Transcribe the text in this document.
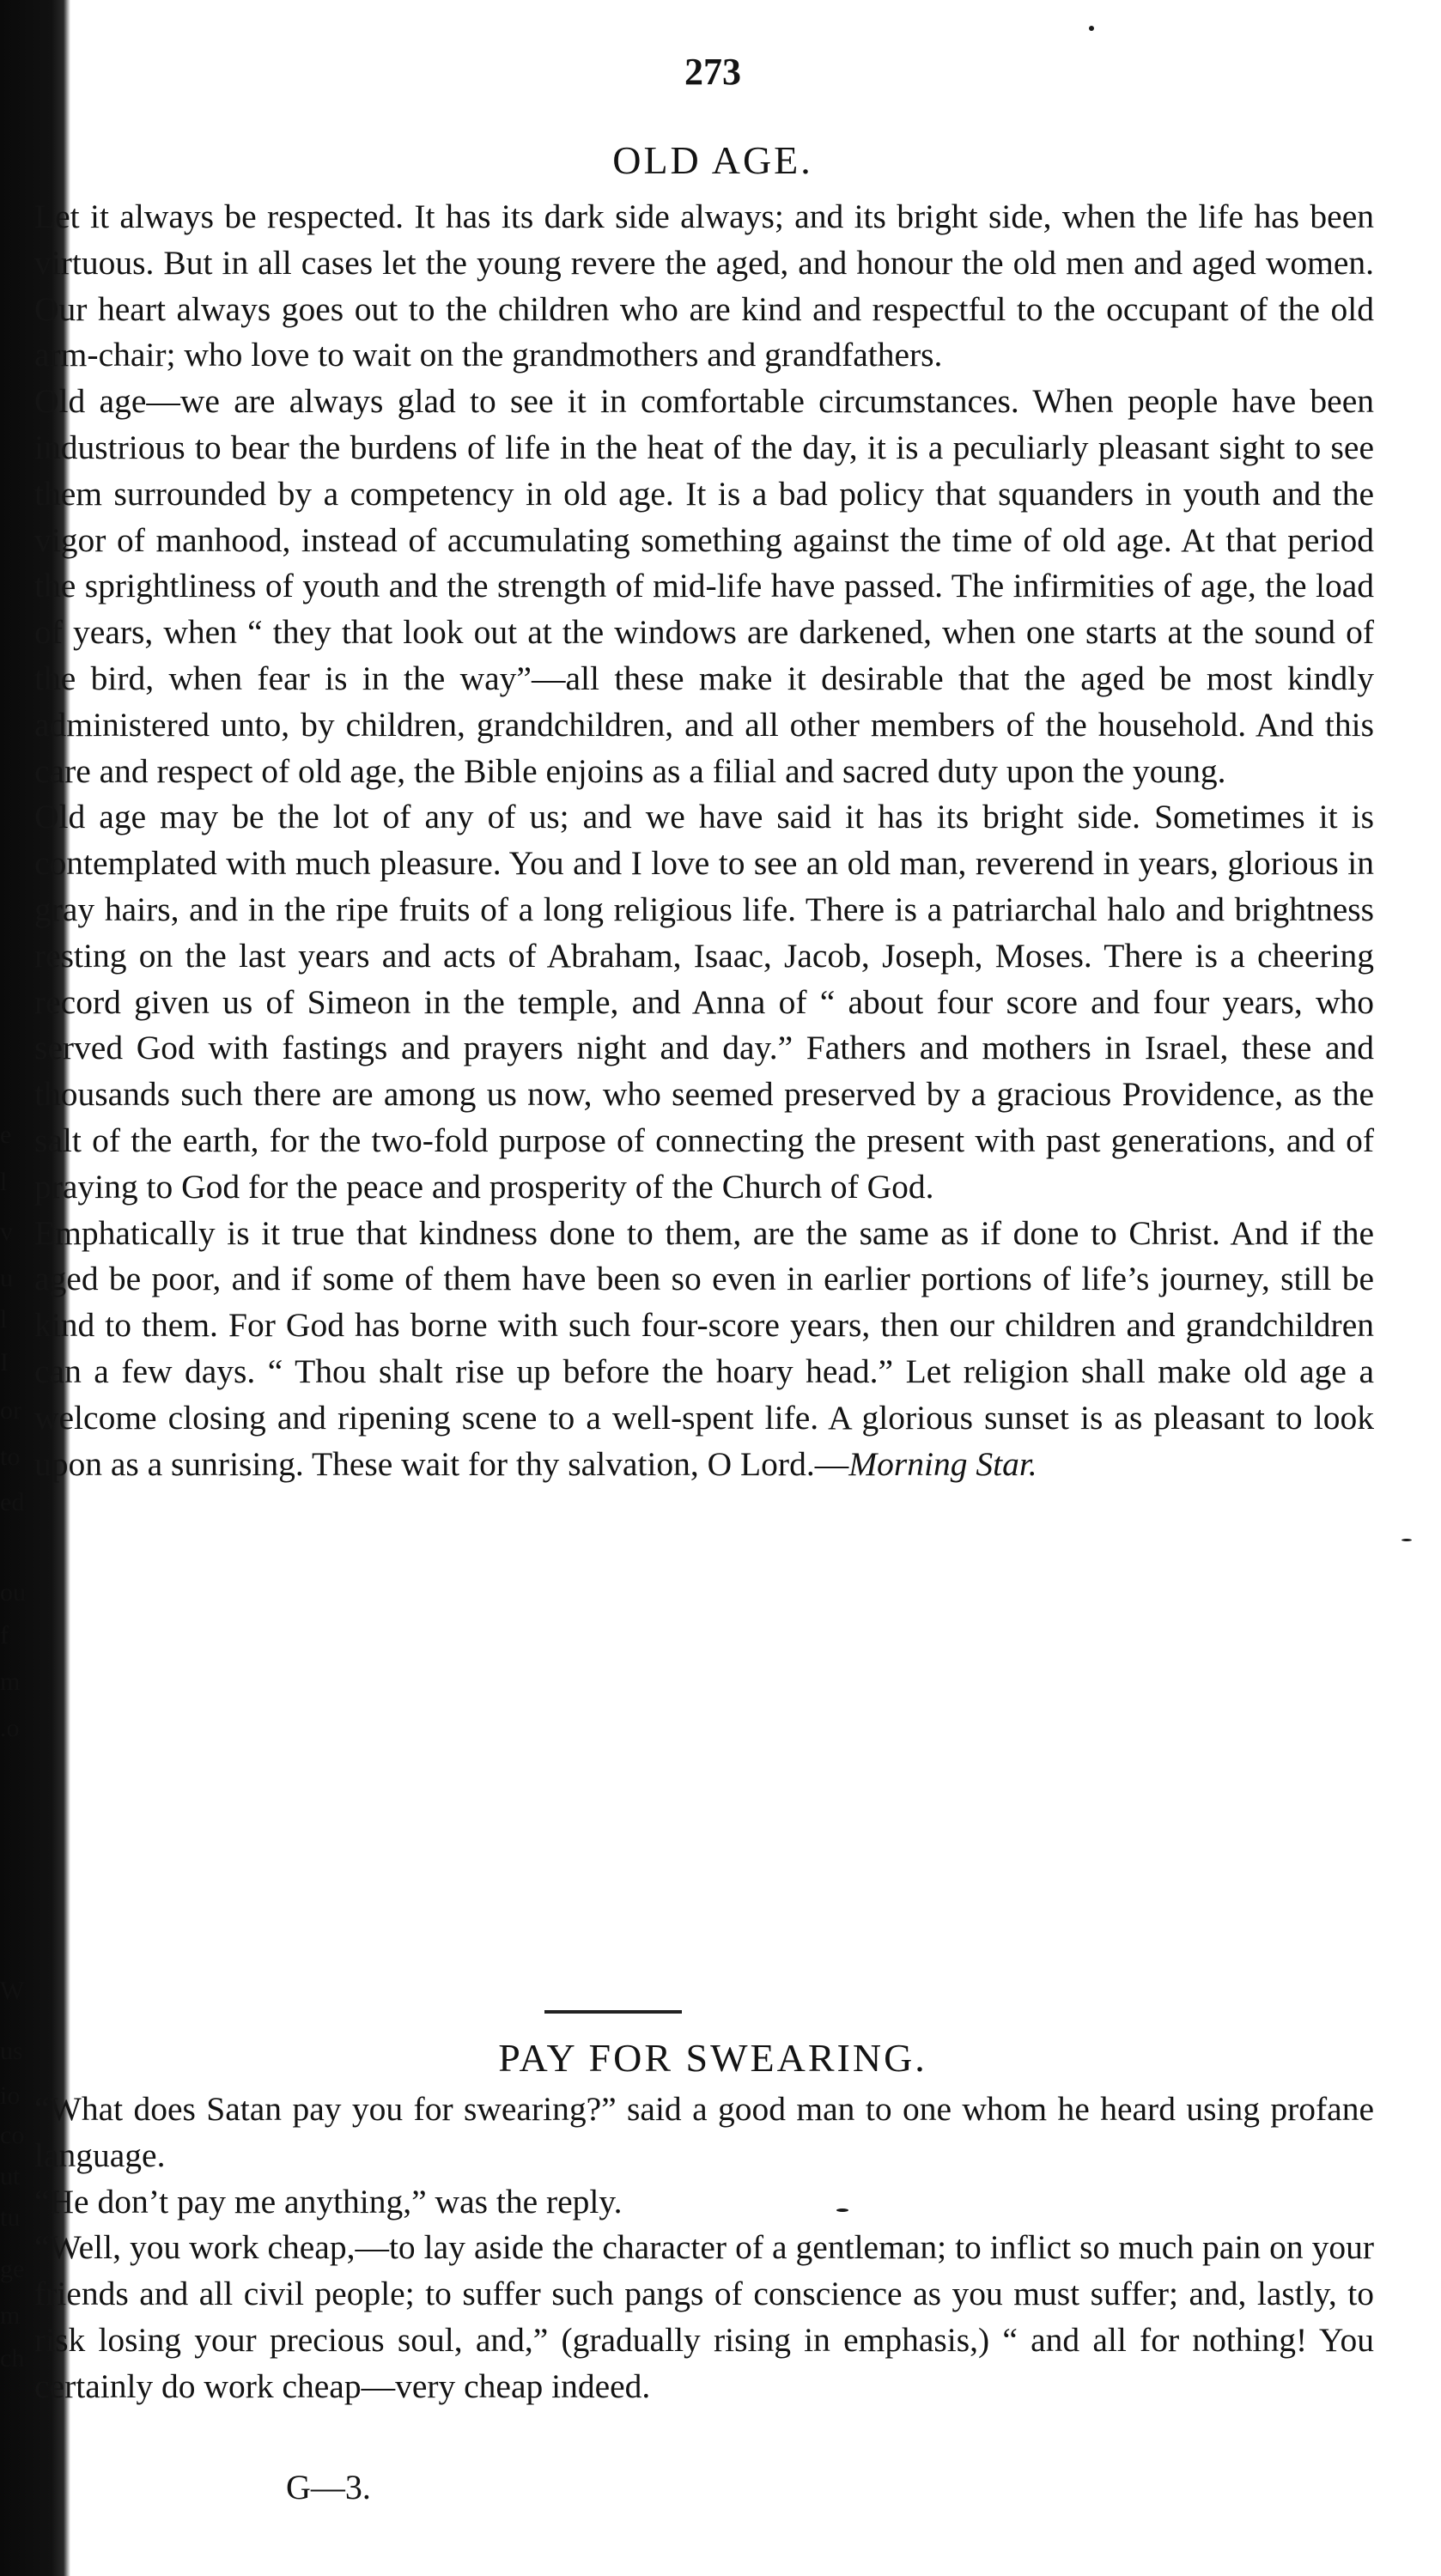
e
l
v
u
l
I
or
to
ed
ou
f
m
.o
W
us
io
co
ut
tu
ge
m
ch
273
OLD AGE.

Let it always be respected. It has its dark side always; and its bright side, when the life has been virtuous. But in all cases let the young revere the aged, and honour the old men and aged women. Our heart always goes out to the children who are kind and respectful to the occupant of the old arm-chair; who love to wait on the grandmothers and grandfathers.

Old age—we are always glad to see it in comfortable circumstances. When people have been industrious to bear the burdens of life in the heat of the day, it is a peculiarly pleasant sight to see them surrounded by a competency in old age. It is a bad policy that squanders in youth and the vigor of manhood, instead of accumulating something against the time of old age. At that period the sprightliness of youth and the strength of mid-life have passed. The infirmities of age, the load of years, when “ they that look out at the windows are darkened, when one starts at the sound of the bird, when fear is in the way”—all these make it desirable that the aged be most kindly administered unto, by children, grandchildren, and all other members of the household. And this care and respect of old age, the Bible enjoins as a filial and sacred duty upon the young.

Old age may be the lot of any of us; and we have said it has its bright side. Sometimes it is contemplated with much pleasure. You and I love to see an old man, reverend in years, glorious in gray hairs, and in the ripe fruits of a long religious life. There is a patriarchal halo and brightness resting on the last years and acts of Abraham, Isaac, Jacob, Joseph, Moses. There is a cheering record given us of Simeon in the temple, and Anna of “ about four score and four years, who served God with fastings and prayers night and day.” Fathers and mothers in Israel, these and thousands such there are among us now, who seemed preserved by a gracious Providence, as the salt of the earth, for the two-fold purpose of connecting the present with past generations, and of praying to God for the peace and prosperity of the Church of God.

Emphatically is it true that kindness done to them, are the same as if done to Christ. And if the aged be poor, and if some of them have been so even in earlier portions of life’s journey, still be kind to them. For God has borne with such four-score years, then our children and grandchildren can a few days. “ Thou shalt rise up before the hoary head.” Let religion shall make old age a welcome closing and ripening scene to a well-spent life. A glorious sunset is as pleasant to look upon as a sunrising. These wait for thy salvation, O Lord.—Morning Star.

PAY FOR SWEARING.

“What does Satan pay you for swearing?” said a good man to one whom he heard using profane language.

“He don’t pay me anything,” was the reply.

“Well, you work cheap,—to lay aside the character of a gentleman; to inflict so much pain on your friends and all civil people; to suffer such pangs of conscience as you must suffer; and, lastly, to risk losing your precious soul, and,” (gradually rising in emphasis,) “ and all for nothing! You certainly do work cheap—very cheap indeed.

G—3.
